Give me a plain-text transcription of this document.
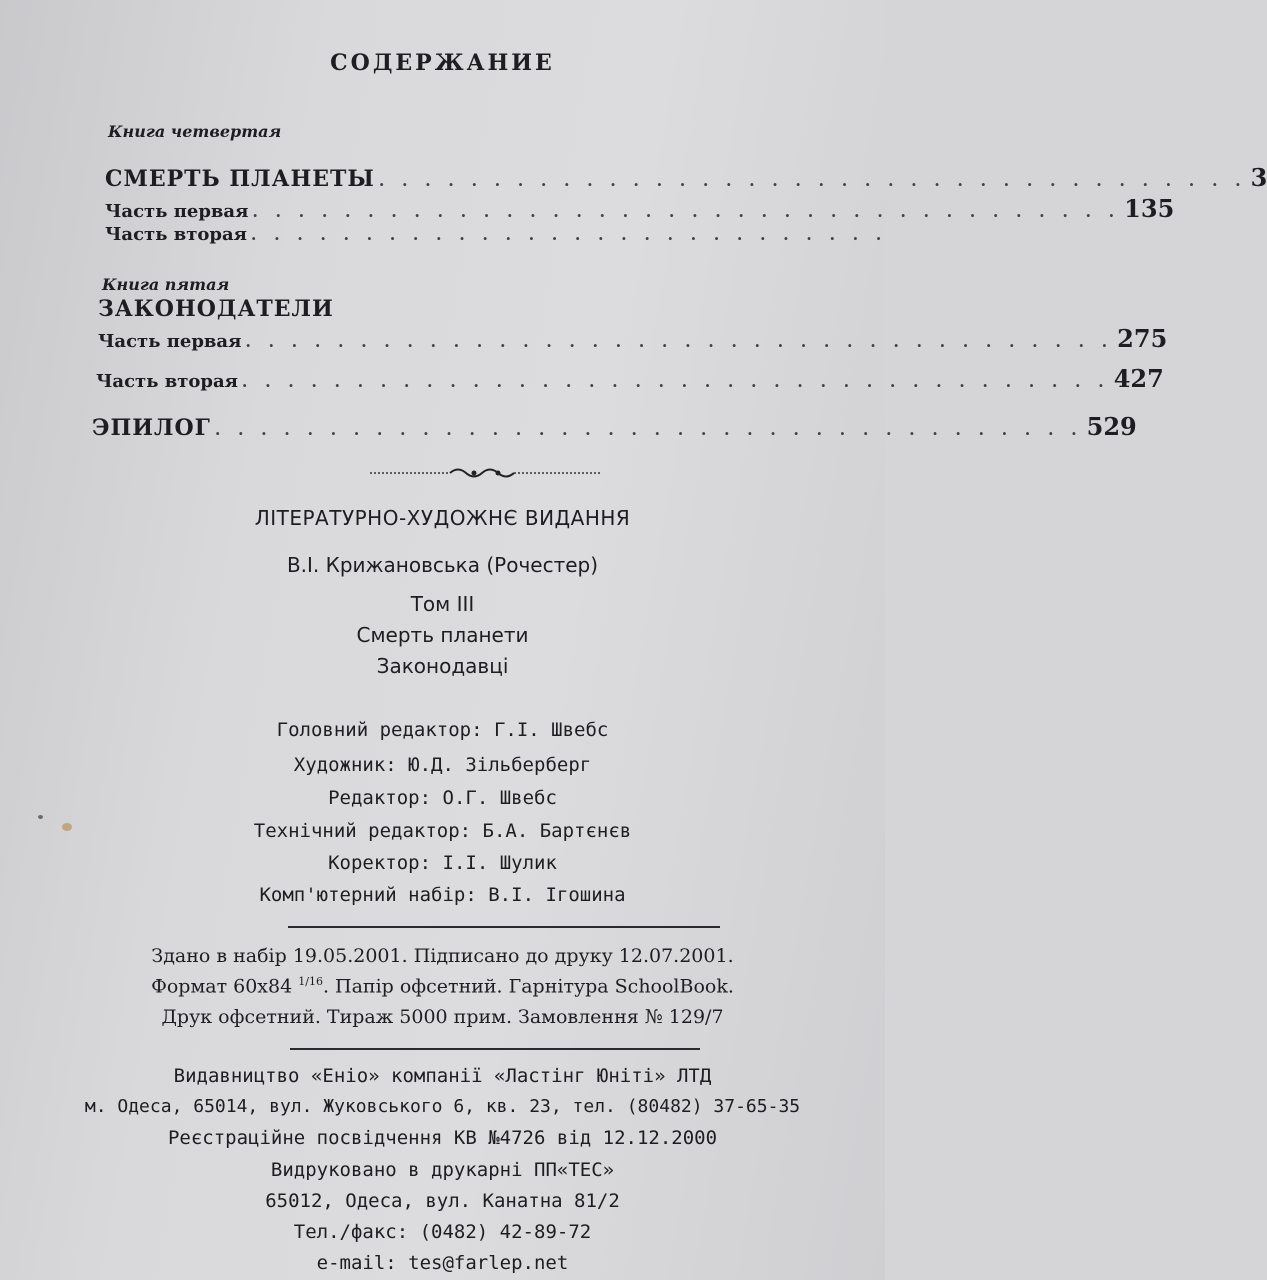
СОДЕРЖАНИЕ
Книга четвертая
СМЕРТЬ ПЛАНЕТЫ . . . . . . . . . . . . . . . . . . . . . . . . . . . . . . . . . . . . . . 3
Часть первая . . . . . . . . . . . . . . . . . . . . . . . . . . . . . . . . . . . . . . 135
Часть вторая . . . . . . . . . . . . . . . . . . . . . . . . . . . .
Книга пятая
ЗАКОНОДАТЕЛИ
Часть первая . . . . . . . . . . . . . . . . . . . . . . . . . . . . . . . . . . . . . . 275
Часть вторая . . . . . . . . . . . . . . . . . . . . . . . . . . . . . . . . . . . . . . 427
ЭПИЛОГ . . . . . . . . . . . . . . . . . . . . . . . . . . . . . . . . . . . . . . 529
ЛІТЕРАТУРНО-ХУДОЖНЄ ВИДАННЯ
В.І. Крижановська (Рочестер)
Том III
Смерть планети
Законодавці
Головний редактор: Г.І. Швебс
Художник: Ю.Д. Зільберберг
Редактор: О.Г. Швебс
Технічний редактор: Б.А. Бартєнєв
Коректор: І.І. Шулик
Комп'ютерний набір: В.І. Ігошина
Здано в набір 19.05.2001. Підписано до друку 12.07.2001.
Формат 60x84 $^{1/16}$. Папір офсетний. Гарнітура SchoolBook.
Друк офсетний. Тираж 5000 прим. Замовлення № 129/7
Видавництво «Еніо» компанії «Ластінг Юніті» ЛТД
м. Одеса, 65014, вул. Жуковського 6, кв. 23, тел. (80482) 37-65-35
Реєстраційне посвідчення КВ №4726 від 12.12.2000
Видруковано в друкарні ПП«ТЕС»
65012, Одеса, вул. Канатна 81/2
Тел./факс: (0482) 42-89-72
e-mail: tes@farlep.net
